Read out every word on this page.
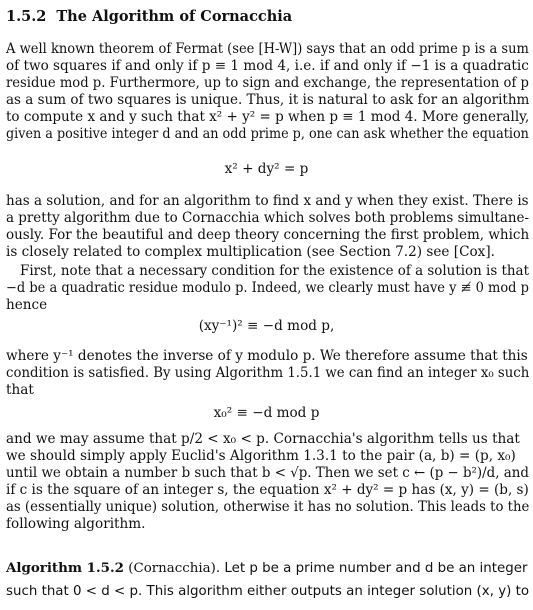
1.5.2 The Algorithm of Cornacchia
A well known theorem of Fermat (see [H-W]) says that an odd prime p is a sum
of two squares if and only if p ≡ 1 mod 4, i.e. if and only if −1 is a quadratic
residue mod p. Furthermore, up to sign and exchange, the representation of p
as a sum of two squares is unique. Thus, it is natural to ask for an algorithm
to compute x and y such that x² + y² = p when p ≡ 1 mod 4. More generally,
given a positive integer d and an odd prime p, one can ask whether the equation
x² + dy² = p
has a solution, and for an algorithm to find x and y when they exist. There is
a pretty algorithm due to Cornacchia which solves both problems simultane-
ously. For the beautiful and deep theory concerning the first problem, which
is closely related to complex multiplication (see Section 7.2) see [Cox].
First, note that a necessary condition for the existence of a solution is that
−d be a quadratic residue modulo p. Indeed, we clearly must have y ≢ 0 mod p
hence
(xy⁻¹)² ≡ −d mod p,
where y⁻¹ denotes the inverse of y modulo p. We therefore assume that this
condition is satisfied. By using Algorithm 1.5.1 we can find an integer x₀ such
that
x₀² ≡ −d mod p
and we may assume that p/2 < x₀ < p. Cornacchia's algorithm tells us that
we should simply apply Euclid's Algorithm 1.3.1 to the pair (a, b) = (p, x₀)
until we obtain a number b such that b < √p. Then we set c ← (p − b²)/d, and
if c is the square of an integer s, the equation x² + dy² = p has (x, y) = (b, s)
as (essentially unique) solution, otherwise it has no solution. This leads to the
following algorithm.
Algorithm 1.5.2 (Cornacchia). Let p be a prime number and d be an integer
such that 0 < d < p. This algorithm either outputs an integer solution (x, y) to
